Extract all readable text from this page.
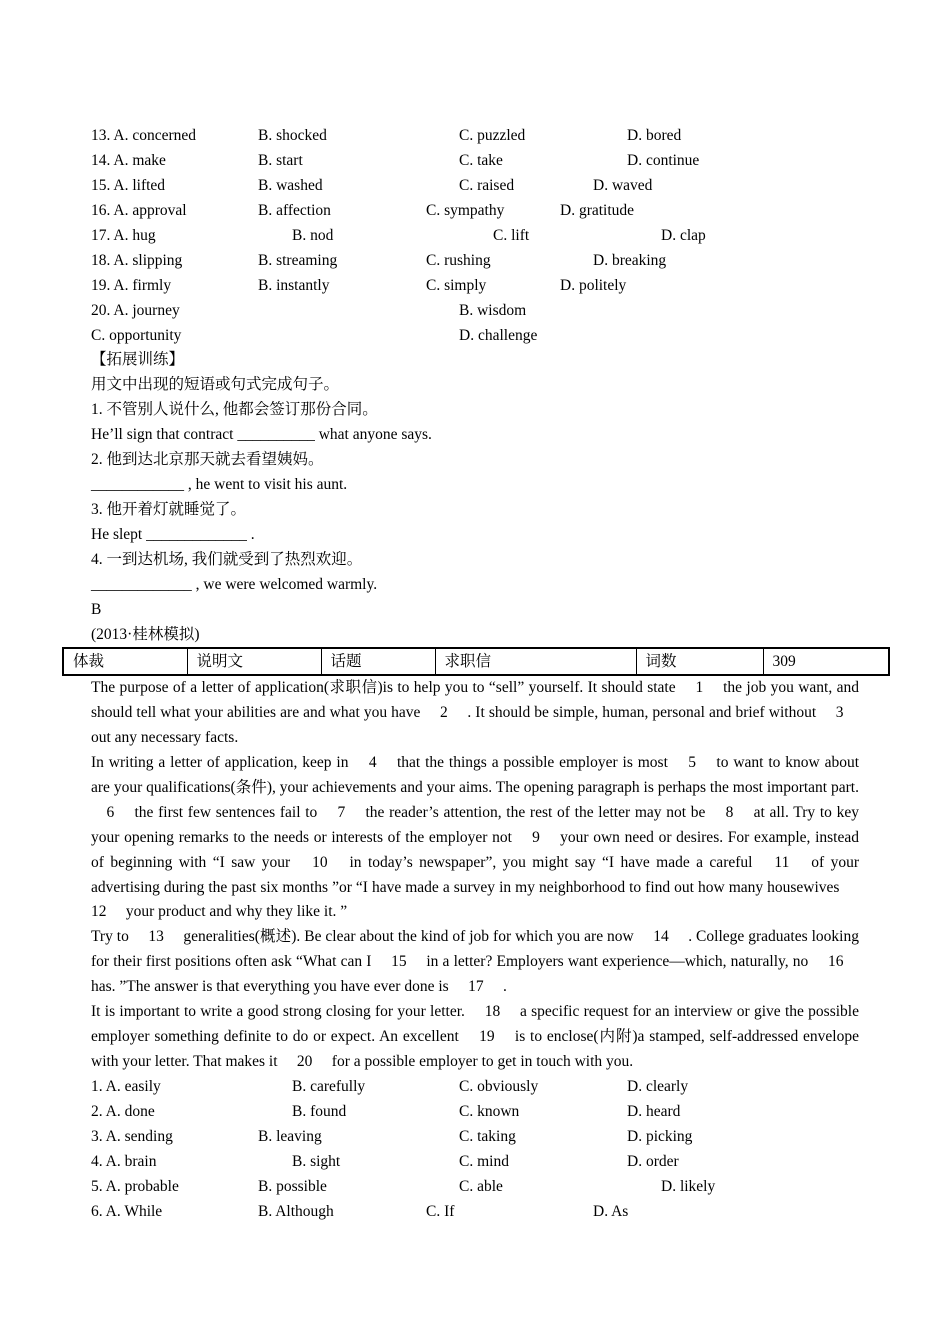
13. A. concerned	B. shocked	C. puzzled	D. bored
14. A. make	B. start	C. take	D. continue
15. A. lifted	B. washed	C. raised	D. waved
16. A. approval	B. affection	C. sympathy	D. gratitude
17. A. hug	B. nod	C. lift	D. clap
18. A. slipping	B. streaming	C. rushing	D. breaking
19. A. firmly	B. instantly	C. simply	D. politely
20. A. journey	B. wisdom
C. opportunity	D. challenge
【拓展训练】
用文中出现的短语或句式完成句子。
1. 不管别人说什么, 他都会签订那份合同。
He’ll sign that contract __________ what anyone says.
2. 他到达北京那天就去看望姨妈。
____________ , he went to visit his aunt.
3. 他开着灯就睡觉了。
He slept _____________ .
4. 一到达机场, 我们就受到了热烈欢迎。
_____________ , we were welcomed warmly.
B
(2013·桂林模拟)
体裁	说明文	话题	求职信	词数	309
The purpose of a letter of application(求职信)is to help you to “sell” yourself. It should state   1   the job you want, and should tell what your abilities are and what you have   2   . It should be simple, human, personal and brief without   3   out any necessary facts.
In writing a letter of application, keep in   4   that the things a possible employer is most   5   to want to know about are your qualifications(条件), your achievements and your aims. The opening paragraph is perhaps the most important part.   6   the first few sentences fail to   7   the reader’s attention, the rest of the letter may not be   8   at all. Try to key your opening remarks to the needs or interests of the employer not   9   your own need or desires. For example, instead of beginning with “I saw your   10   in today’s newspaper”, you might say “I have made a careful   11   of your advertising during the past six months ”or “I have made a survey in my neighborhood to find out how many housewives   12   your product and why they like it. ”
Try to   13   generalities(概述). Be clear about the kind of job for which you are now   14   . College graduates looking for their first positions often ask “What can I   15   in a letter? Employers want experience—which, naturally, no   16   has. ”The answer is that everything you have ever done is   17   .
It is important to write a good strong closing for your letter.   18   a specific request for an interview or give the possible employer something definite to do or expect. An excellent   19   is to enclose(内附)a stamped, self-addressed envelope with your letter. That makes it   20   for a possible employer to get in touch with you.
1. A. easily	B. carefully	C. obviously	D. clearly
2. A. done	B. found	C. known	D. heard
3. A. sending	B. leaving	C. taking	D. picking
4. A. brain	B. sight	C. mind	D. order
5. A. probable	B. possible	C. able	D. likely
6. A. While	B. Although	C. If	D. As
